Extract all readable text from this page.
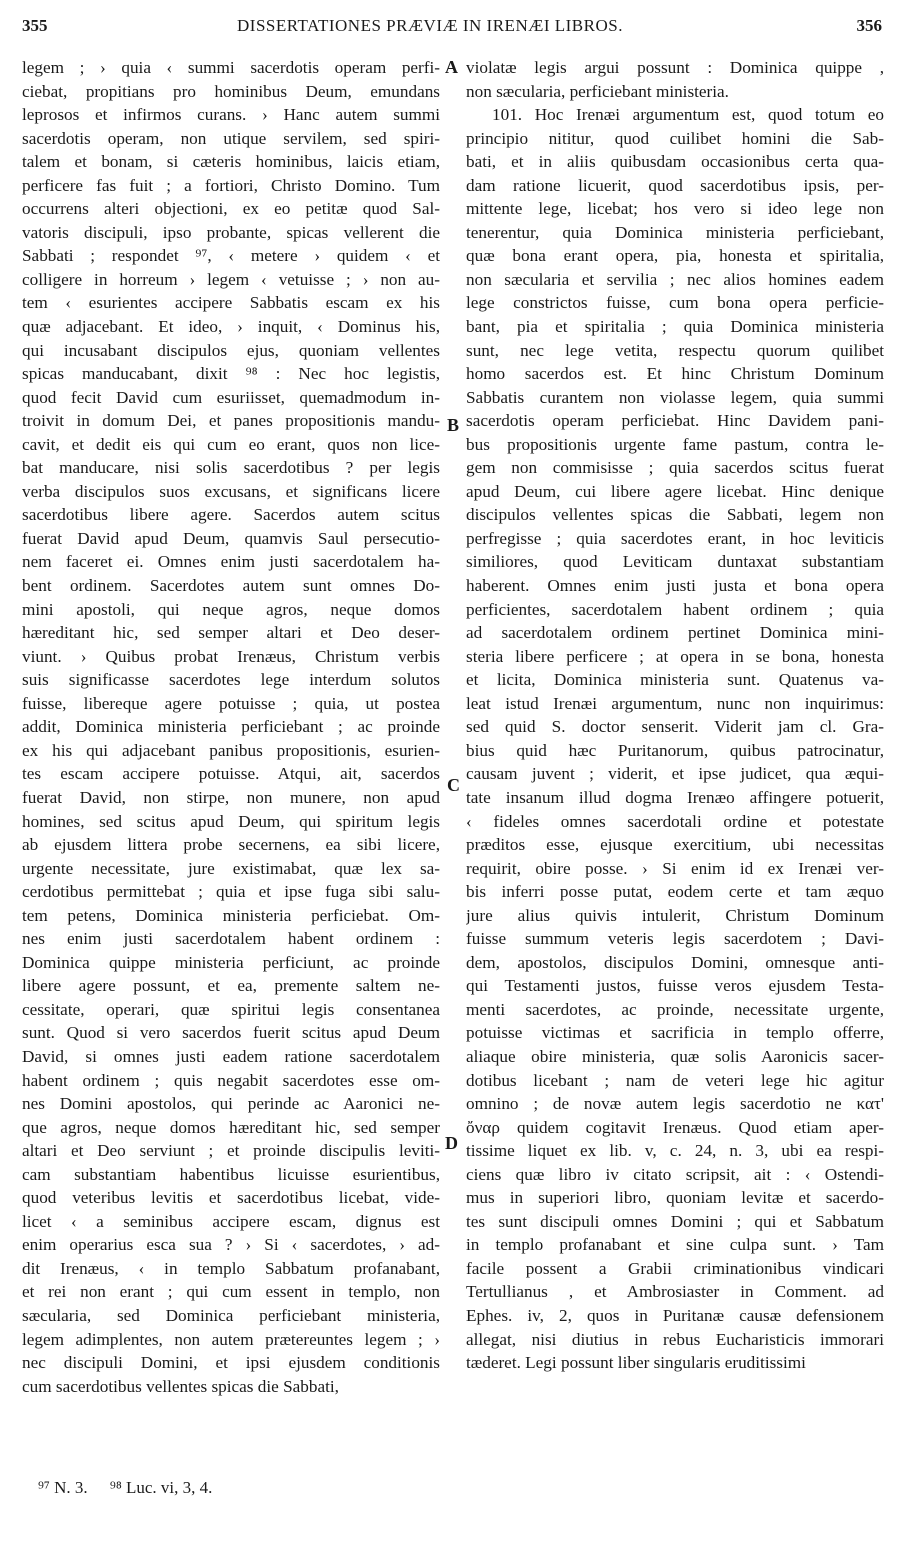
355	DISSERTATIONES PRÆVIÆ IN IRENÆI LIBROS.	356
legem ; › quia ‹ summi sacerdotis operam perfi-
ciebat, propitians pro hominibus Deum, emundans
leprosos et infirmos curans. › Hanc autem summi
sacerdotis operam, non utique servilem, sed spiri-
talem et bonam, si cæteris hominibus, laicis etiam,
perficere fas fuit ; a fortiori, Christo Domino. Tum
occurrens alteri objectioni, ex eo petitæ quod Sal-
vatoris discipuli, ipso probante, spicas vellerent die
Sabbati ; respondet ⁹⁷, ‹ metere › quidem ‹ et
colligere in horreum › legem ‹ vetuisse ; › non au-
tem ‹ esurientes accipere Sabbatis escam ex his
quæ adjacebant. Et ideo, › inquit, ‹ Dominus his,
qui incusabant discipulos ejus, quoniam vellentes
spicas manducabant, dixit ⁹⁸ : Nec hoc legistis,
quod fecit David cum esuriisset, quemadmodum in-
troivit in domum Dei, et panes propositionis mandu-
cavit, et dedit eis qui cum eo erant, quos non lice-
bat manducare, nisi solis sacerdotibus ? per legis
verba discipulos suos excusans, et significans licere
sacerdotibus libere agere. Sacerdos autem scitus
fuerat David apud Deum, quamvis Saul persecutio-
nem faceret ei. Omnes enim justi sacerdotalem ha-
bent ordinem. Sacerdotes autem sunt omnes Do-
mini apostoli, qui neque agros, neque domos
hæreditant hic, sed semper altari et Deo deser-
viunt. › Quibus probat Irenæus, Christum verbis
suis significasse sacerdotes lege interdum solutos
fuisse, libereque agere potuisse ; quia, ut postea
addit, Dominica ministeria perficiebant ; ac proinde
ex his qui adjacebant panibus propositionis, esurien-
tes escam accipere potuisse. Atqui, ait, sacerdos
fuerat David, non stirpe, non munere, non apud
homines, sed scitus apud Deum, qui spiritum legis
ab ejusdem littera probe secernens, ea sibi licere,
urgente necessitate, jure existimabat, quæ lex sa-
cerdotibus permittebat ; quia et ipse fuga sibi salu-
tem petens, Dominica ministeria perficiebat. Om-
nes enim justi sacerdotalem habent ordinem :
Dominica quippe ministeria perficiunt, ac proinde
libere agere possunt, et ea, premente saltem ne-
cessitate, operari, quæ spiritui legis consentanea
sunt. Quod si vero sacerdos fuerit scitus apud Deum
David, si omnes justi eadem ratione sacerdotalem
habent ordinem ; quis negabit sacerdotes esse om-
nes Domini apostolos, qui perinde ac Aaronici ne-
que agros, neque domos hæreditant hic, sed semper
altari et Deo serviunt ; et proinde discipulis leviti-
cam substantiam habentibus licuisse esurientibus,
quod veteribus levitis et sacerdotibus licebat, vide-
licet ‹ a seminibus accipere escam, dignus est
enim operarius esca sua ? › Si ‹ sacerdotes, › ad-
dit Irenæus, ‹ in templo Sabbatum profanabant,
et rei non erant ; qui cum essent in templo, non
sæcularia, sed Dominica perficiebant ministeria,
legem adimplentes, non autem prætereuntes legem ; ›
nec discipuli Domini, et ipsi ejusdem conditionis
cum sacerdotibus vellentes spicas die Sabbati,
violatæ legis argui possunt : Dominica quippe ,
non sæcularia, perficiebant ministeria.
101. Hoc Irenæi argumentum est, quod totum eo
principio nititur, quod cuilibet homini die Sab-
bati, et in aliis quibusdam occasionibus certa qua-
dam ratione licuerit, quod sacerdotibus ipsis, per-
mittente lege, licebat; hos vero si ideo lege non
tenerentur, quia Dominica ministeria perficiebant,
quæ bona erant opera, pia, honesta et spiritalia,
non sæcularia et servilia ; nec alios homines eadem
lege constrictos fuisse, cum bona opera perficie-
bant, pia et spiritalia ; quia Dominica ministeria
sunt, nec lege vetita, respectu quorum quilibet
homo sacerdos est. Et hinc Christum Dominum
Sabbatis curantem non violasse legem, quia summi
sacerdotis operam perficiebat. Hinc Davidem pani-
bus propositionis urgente fame pastum, contra le-
gem non commisisse ; quia sacerdos scitus fuerat
apud Deum, cui libere agere licebat. Hinc denique
discipulos vellentes spicas die Sabbati, legem non
perfregisse ; quia sacerdotes erant, in hoc leviticis
similiores, quod Leviticam duntaxat substantiam
haberent. Omnes enim justi justa et bona opera
perficientes, sacerdotalem habent ordinem ; quia
ad sacerdotalem ordinem pertinet Dominica mini-
steria libere perficere ; at opera in se bona, honesta
et licita, Dominica ministeria sunt. Quatenus va-
leat istud Irenæi argumentum, nunc non inquirimus:
sed quid S. doctor senserit. Viderit jam cl. Gra-
bius quid hæc Puritanorum, quibus patrocinatur,
causam juvent ; viderit, et ipse judicet, qua æqui-
tate insanum illud dogma Irenæo affingere potuerit,
‹ fideles omnes sacerdotali ordine et potestate
præditos esse, ejusque exercitium, ubi necessitas
requirit, obire posse. › Si enim id ex Irenæi ver-
bis inferri posse putat, eodem certe et tam æquo
jure alius quivis intulerit, Christum Dominum
fuisse summum veteris legis sacerdotem ; Davi-
dem, apostolos, discipulos Domini, omnesque anti-
qui Testamenti justos, fuisse veros ejusdem Testa-
menti sacerdotes, ac proinde, necessitate urgente,
potuisse victimas et sacrificia in templo offerre,
aliaque obire ministeria, quæ solis Aaronicis sacer-
dotibus licebant ; nam de veteri lege hic agitur
omnino ; de novæ autem legis sacerdotio ne κατ'
ὄναρ quidem cogitavit Irenæus. Quod etiam aper-
tissime liquet ex lib. v, c. 24, n. 3, ubi ea respi-
ciens quæ libro iv citato scripsit, ait : ‹ Ostendi-
mus in superiori libro, quoniam levitæ et sacerdo-
tes sunt discipuli omnes Domini ; qui et Sabbatum
in templo profanabant et sine culpa sunt. › Tam
facile possent a Grabii criminationibus vindicari
Tertullianus , et Ambrosiaster in Comment. ad
Ephes. iv, 2, quos in Puritanæ causæ defensionem
allegat, nisi diutius in rebus Eucharisticis immorari
tæderet. Legi possunt liber singularis eruditissimi
A
B
C
D
⁹⁷ N. 3. ⁹⁸ Luc. vi, 3, 4.
